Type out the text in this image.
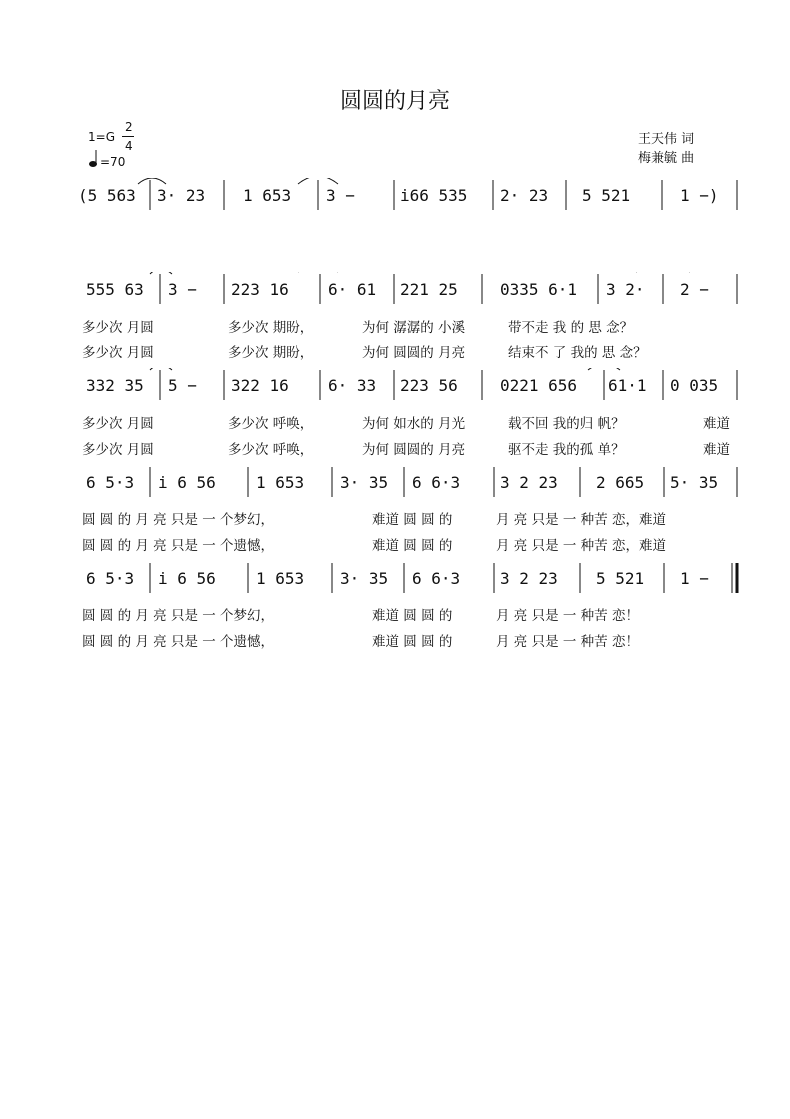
圆圆的月亮
1=G
2
4
=70
王天伟 词
梅兼毓 曲
(5 563 3· 23 1 653 3 −	i66 535 2· 23 5 521	1 −)
555 63 3 − 223 16 6· 61 221 25	0335 6·1 3 2· 2 −
多少次 月圆	多少次 期盼，	为何 潺潺的 小溪	带不走 我 的 思 念？
多少次 月圆	多少次 期盼，	为何 圆圆的 月亮	结束不 了 我的 思 念？
332 35 5 − 322 16 6· 33 223 56	0221 656 61·1 0 035
多少次 月圆	多少次 呼唤，	为何 如水的 月光	载不回 我的归 帆？	难道
多少次 月圆	多少次 呼唤，	为何 圆圆的 月亮	驱不走 我的孤 单？	难道
6 5·3 i 6 56	1 653 3· 35 6 6·3 3 2 23 2 665 5· 35
圆 圆 的 月 亮 只是 一 个梦幻，	难道 圆 圆 的	月 亮 只是 一 种苦 恋，难道
圆 圆 的 月 亮 只是 一 个遗憾，	难道 圆 圆 的	月 亮 只是 一 种苦 恋，难道
6 5·3 i 6 56	1 653 3· 35 6 6·3 3 2 23 5 521 1 −
圆 圆 的 月 亮 只是 一 个梦幻，	难道 圆 圆 的	月 亮 只是 一 种苦 恋！
圆 圆 的 月 亮 只是 一 个遗憾，	难道 圆 圆 的	月 亮 只是 一 种苦 恋！
